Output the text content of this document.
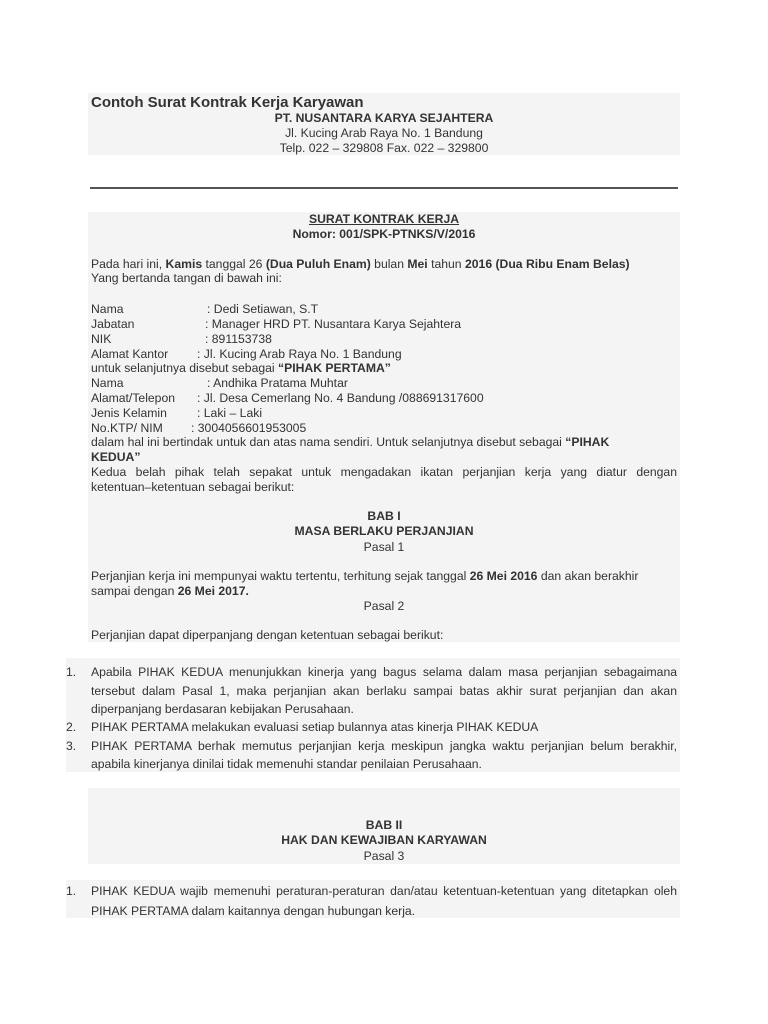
Contoh Surat Kontrak Kerja Karyawan
PT. NUSANTARA KARYA SEJAHTERA
Jl. Kucing Arab Raya No. 1 Bandung
Telp. 022 – 329808 Fax. 022 – 329800
SURAT KONTRAK KERJA
Nomor: 001/SPK-PTNKS/V/2016
Pada hari ini, Kamis tanggal 26 (Dua Puluh Enam) bulan Mei tahun 2016 (Dua Ribu Enam Belas)
Yang bertanda tangan di bawah ini:
Nama	: Dedi Setiawan, S.T
Jabatan	: Manager HRD PT. Nusantara Karya Sejahtera
NIK	: 891153738
Alamat Kantor : Jl. Kucing Arab Raya No. 1 Bandung
untuk selanjutnya disebut sebagai “PIHAK PERTAMA”
Nama	: Andhika Pratama Muhtar
Alamat/Telepon : Jl. Desa Cemerlang No. 4 Bandung /088691317600
Jenis Kelamin : Laki – Laki
No.KTP/ NIM : 3004056601953005
dalam hal ini bertindak untuk dan atas nama sendiri. Untuk selanjutnya disebut sebagai “PIHAK
KEDUA”
Kedua belah pihak telah sepakat untuk mengadakan ikatan perjanjian kerja yang diatur dengan
ketentuan–ketentuan sebagai berikut:
BAB I
MASA BERLAKU PERJANJIAN
Pasal 1
Perjanjian kerja ini mempunyai waktu tertentu, terhitung sejak tanggal 26 Mei 2016 dan akan berakhir
sampai dengan 26 Mei 2017.
Pasal 2
Perjanjian dapat diperpanjang dengan ketentuan sebagai berikut:
1. Apabila PIHAK KEDUA menunjukkan kinerja yang bagus selama dalam masa perjanjian sebagaimana
tersebut dalam Pasal 1, maka perjanjian akan berlaku sampai batas akhir surat perjanjian dan akan
diperpanjang berdasaran kebijakan Perusahaan.
2. PIHAK PERTAMA melakukan evaluasi setiap bulannya atas kinerja PIHAK KEDUA
3. PIHAK PERTAMA berhak memutus perjanjian kerja meskipun jangka waktu perjanjian belum berakhir,
apabila kinerjanya dinilai tidak memenuhi standar penilaian Perusahaan.
BAB II
HAK DAN KEWAJIBAN KARYAWAN
Pasal 3
1. PIHAK KEDUA wajib memenuhi peraturan-peraturan dan/atau ketentuan-ketentuan yang ditetapkan oleh
PIHAK PERTAMA dalam kaitannya dengan hubungan kerja.
